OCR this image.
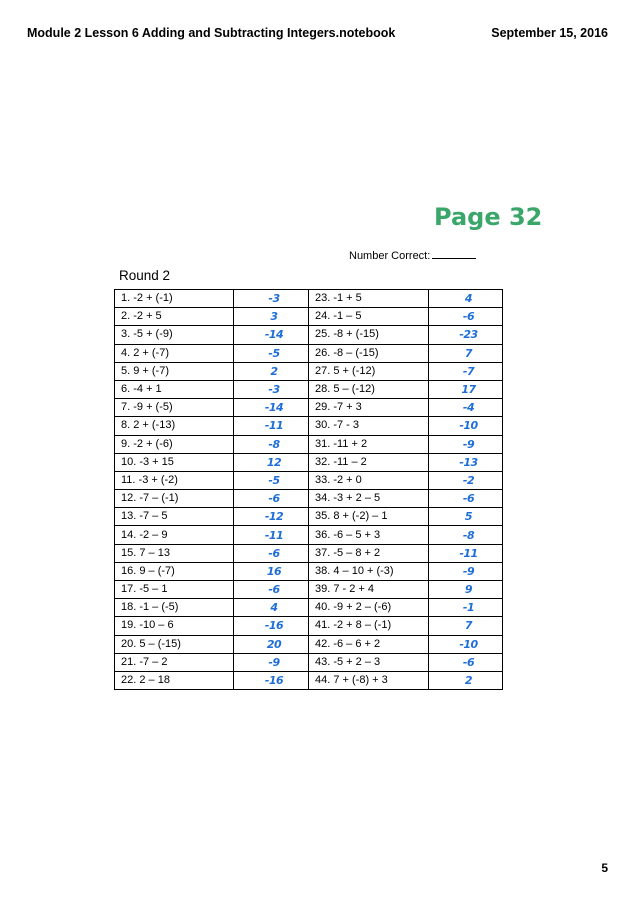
Module 2 Lesson 6 Adding and Subtracting Integers.notebook	September 15, 2016
Page 32
Number Correct:
Round 2
1. -2 + (-1)	-3	23. -1 + 5	4
2. -2 + 5	3	24. -1 – 5	-6
3. -5 + (-9)	-14	25. -8 + (-15)	-23
4. 2 + (-7)	-5	26. -8 – (-15)	7
5. 9 + (-7)	2	27. 5 + (-12)	-7
6. -4 + 1	-3	28. 5 – (-12)	17
7. -9 + (-5)	-14	29. -7 + 3	-4
8. 2 + (-13)	-11	30. -7 - 3	-10
9. -2 + (-6)	-8	31. -11 + 2	-9
10. -3 + 15	12	32. -11 – 2	-13
11. -3 + (-2)	-5	33. -2 + 0	-2
12. -7 – (-1)	-6	34. -3 + 2 – 5	-6
13. -7 – 5	-12	35. 8 + (-2) – 1	5
14. -2 – 9	-11	36. -6 – 5 + 3	-8
15. 7 – 13	-6	37. -5 – 8 + 2	-11
16. 9 – (-7)	16	38. 4 – 10 + (-3)	-9
17. -5 – 1	-6	39. 7 - 2 + 4	9
18. -1 – (-5)	4	40. -9 + 2 – (-6)	-1
19. -10 – 6	-16	41. -2 + 8 – (-1)	7
20. 5 – (-15)	20	42. -6 – 6 + 2	-10
21. -7 – 2	-9	43. -5 + 2 – 3	-6
22. 2 – 18	-16	44. 7 + (-8) + 3	2
5
